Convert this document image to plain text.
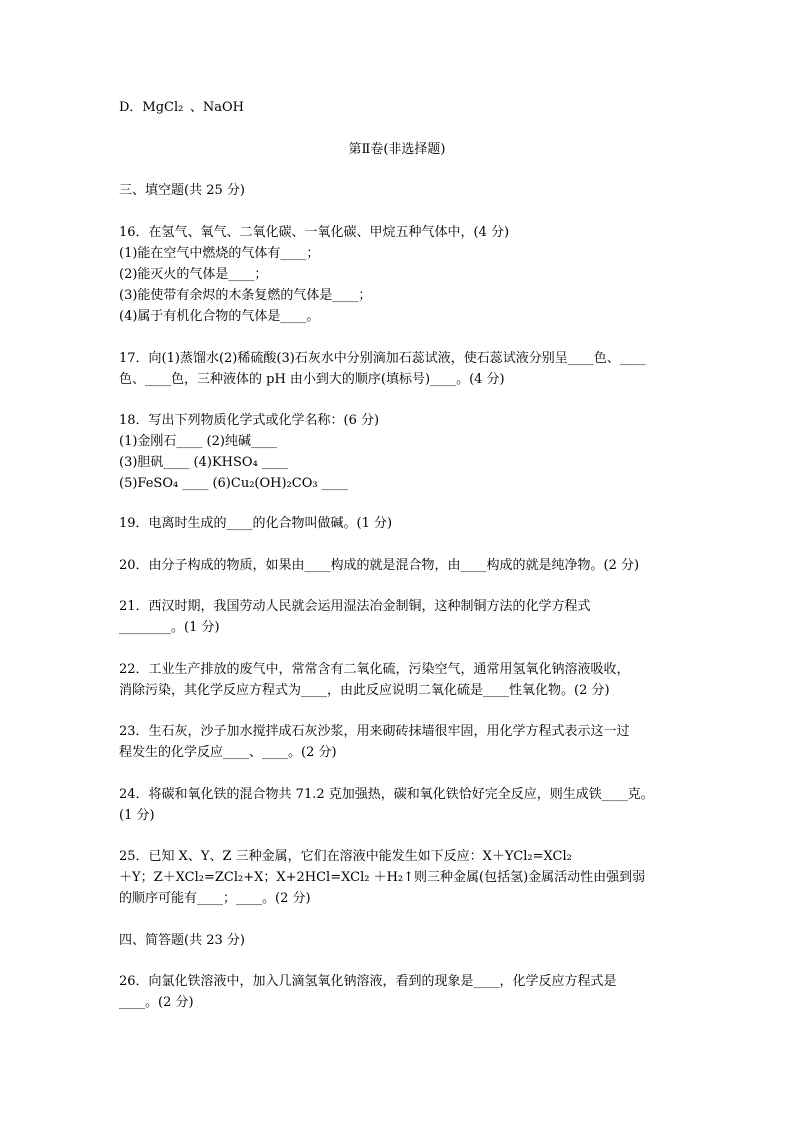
D．MgCl₂ 、NaOH
第Ⅱ卷(非选择题)
三、填空题(共 25 分)
16．在氢气、氧气、二氧化碳、一氧化碳、甲烷五种气体中，(4 分)
(1)能在空气中燃烧的气体有____；
(2)能灭火的气体是____；
(3)能使带有余烬的木条复燃的气体是____；
(4)属于有机化合物的气体是____。
17．向(1)蒸馏水(2)稀硫酸(3)石灰水中分别滴加石蕊试液，使石蕊试液分别呈____色、____
色、____色，三种液体的 pH 由小到大的顺序(填标号)____。(4 分)
18．写出下列物质化学式或化学名称：(6 分)
(1)金刚石____ (2)纯碱____
(3)胆矾____ (4)KHSO₄ ____
(5)FeSO₄ ____ (6)Cu₂(OH)₂CO₃ ____
19．电离时生成的____的化合物叫做碱。(1 分)
20．由分子构成的物质，如果由____构成的就是混合物，由____构成的就是纯净物。(2 分)
21．西汉时期，我国劳动人民就会运用湿法冶金制铜，这种制铜方法的化学方程式
________。(1 分)
22．工业生产排放的废气中，常常含有二氧化硫，污染空气，通常用氢氧化钠溶液吸收，
消除污染，其化学反应方程式为____，由此反应说明二氧化硫是____性氧化物。(2 分)
23．生石灰，沙子加水搅拌成石灰沙浆，用来砌砖抹墙很牢固，用化学方程式表示这一过
程发生的化学反应____、____。(2 分)
24．将碳和氧化铁的混合物共 71.2 克加强热，碳和氧化铁恰好完全反应，则生成铁____克。
(1 分)
25．已知 X、Y、Z 三种金属，它们在溶液中能发生如下反应：X＋YCl₂=XCl₂
＋Y；Z＋XCl₂=ZCl₂+X；X+2HCl=XCl₂ ＋H₂↑则三种金属(包括氢)金属活动性由强到弱
的顺序可能有____；____。(2 分)
四、简答题(共 23 分)
26．向氯化铁溶液中，加入几滴氢氧化钠溶液，看到的现象是____，化学反应方程式是
____。(2 分)
